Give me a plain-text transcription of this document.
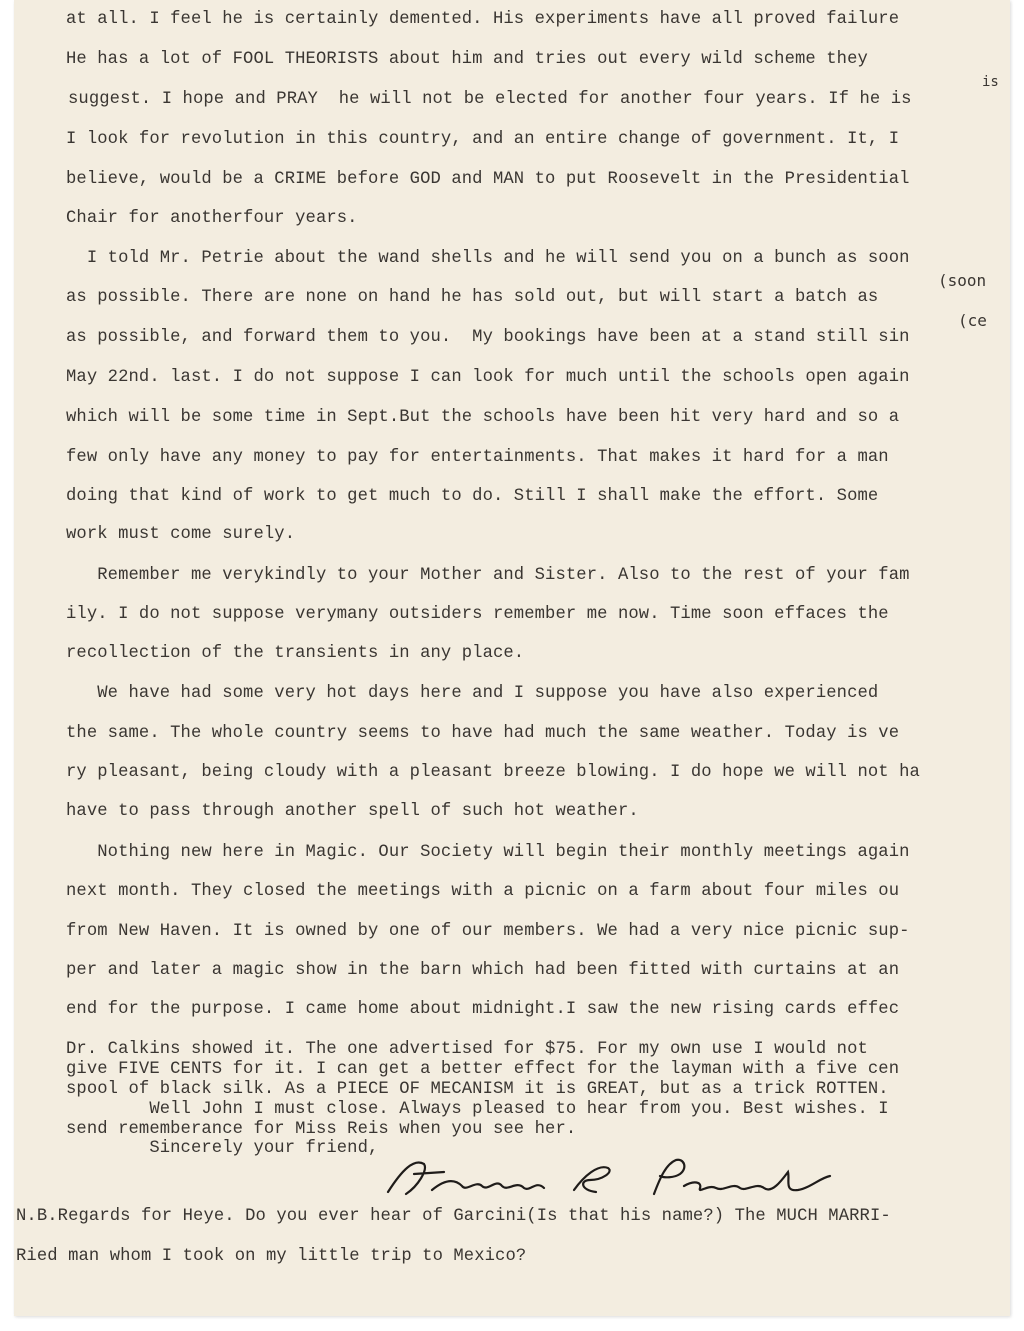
at all. I feel he is certainly demented. His experiments have all proved failure
He has a lot of FOOL THEORISTS about him and tries out every wild scheme they
suggest. I hope and PRAY  he will not be elected for another four years. If he is
I look for revolution in this country, and an entire change of government. It, I
believe, would be a CRIME before GOD and MAN to put Roosevelt in the Presidential
Chair for anotherfour years.
I told Mr. Petrie about the wand shells and he will send you on a bunch as soon
as possible. There are none on hand he has sold out, but will start a batch as
as possible, and forward them to you.  My bookings have been at a stand still sin
May 22nd. last. I do not suppose I can look for much until the schools open again
which will be some time in Sept.But the schools have been hit very hard and so a
few only have any money to pay for entertainments. That makes it hard for a man
doing that kind of work to get much to do. Still I shall make the effort. Some
work must come surely.
Remember me verykindly to your Mother and Sister. Also to the rest of your fam
ily. I do not suppose verymany outsiders remember me now. Time soon effaces the
recollection of the transients in any place.
We have had some very hot days here and I suppose you have also experienced
the same. The whole country seems to have had much the same weather. Today is ve
ry pleasant, being cloudy with a pleasant breeze blowing. I do hope we will not ha
have to pass through another spell of such hot weather.
Nothing new here in Magic. Our Society will begin their monthly meetings again
next month. They closed the meetings with a picnic on a farm about four miles ou
from New Haven. It is owned by one of our members. We had a very nice picnic sup-
per and later a magic show in the barn which had been fitted with curtains at an
end for the purpose. I came home about midnight.I saw the new rising cards effec
Dr. Calkins showed it. The one advertised for $75. For my own use I would not
give FIVE CENTS for it. I can get a better effect for the layman with a five cen
spool of black silk. As a PIECE OF MECANISM it is GREAT, but as a trick ROTTEN.
Well John I must close. Always pleased to hear from you. Best wishes. I
send rememberance for Miss Reis when you see her.
Sincerely your friend,
is
(soon
(ce
N.B.Regards for Heye. Do you ever hear of Garcini(Is that his name?) The MUCH MARRI-
Ried man whom I took on my little trip to Mexico?
